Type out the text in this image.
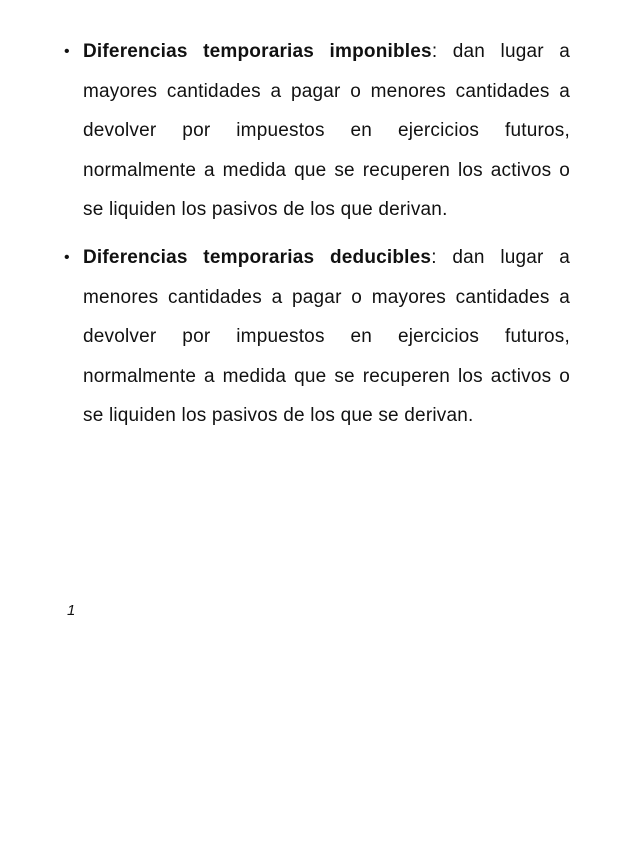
• Diferencias temporarias imponibles: dan lugar a mayores cantidades a pagar o menores cantidades a devolver por impuestos en ejercicios futuros, normalmente a medida que se recuperen los activos o se liquiden los pasivos de los que derivan.
• Diferencias temporarias deducibles: dan lugar a menores cantidades a pagar o mayores cantidades a devolver por impuestos en ejercicios futuros, normalmente a medida que se recuperen los activos o se liquiden los pasivos de los que se derivan.
1
